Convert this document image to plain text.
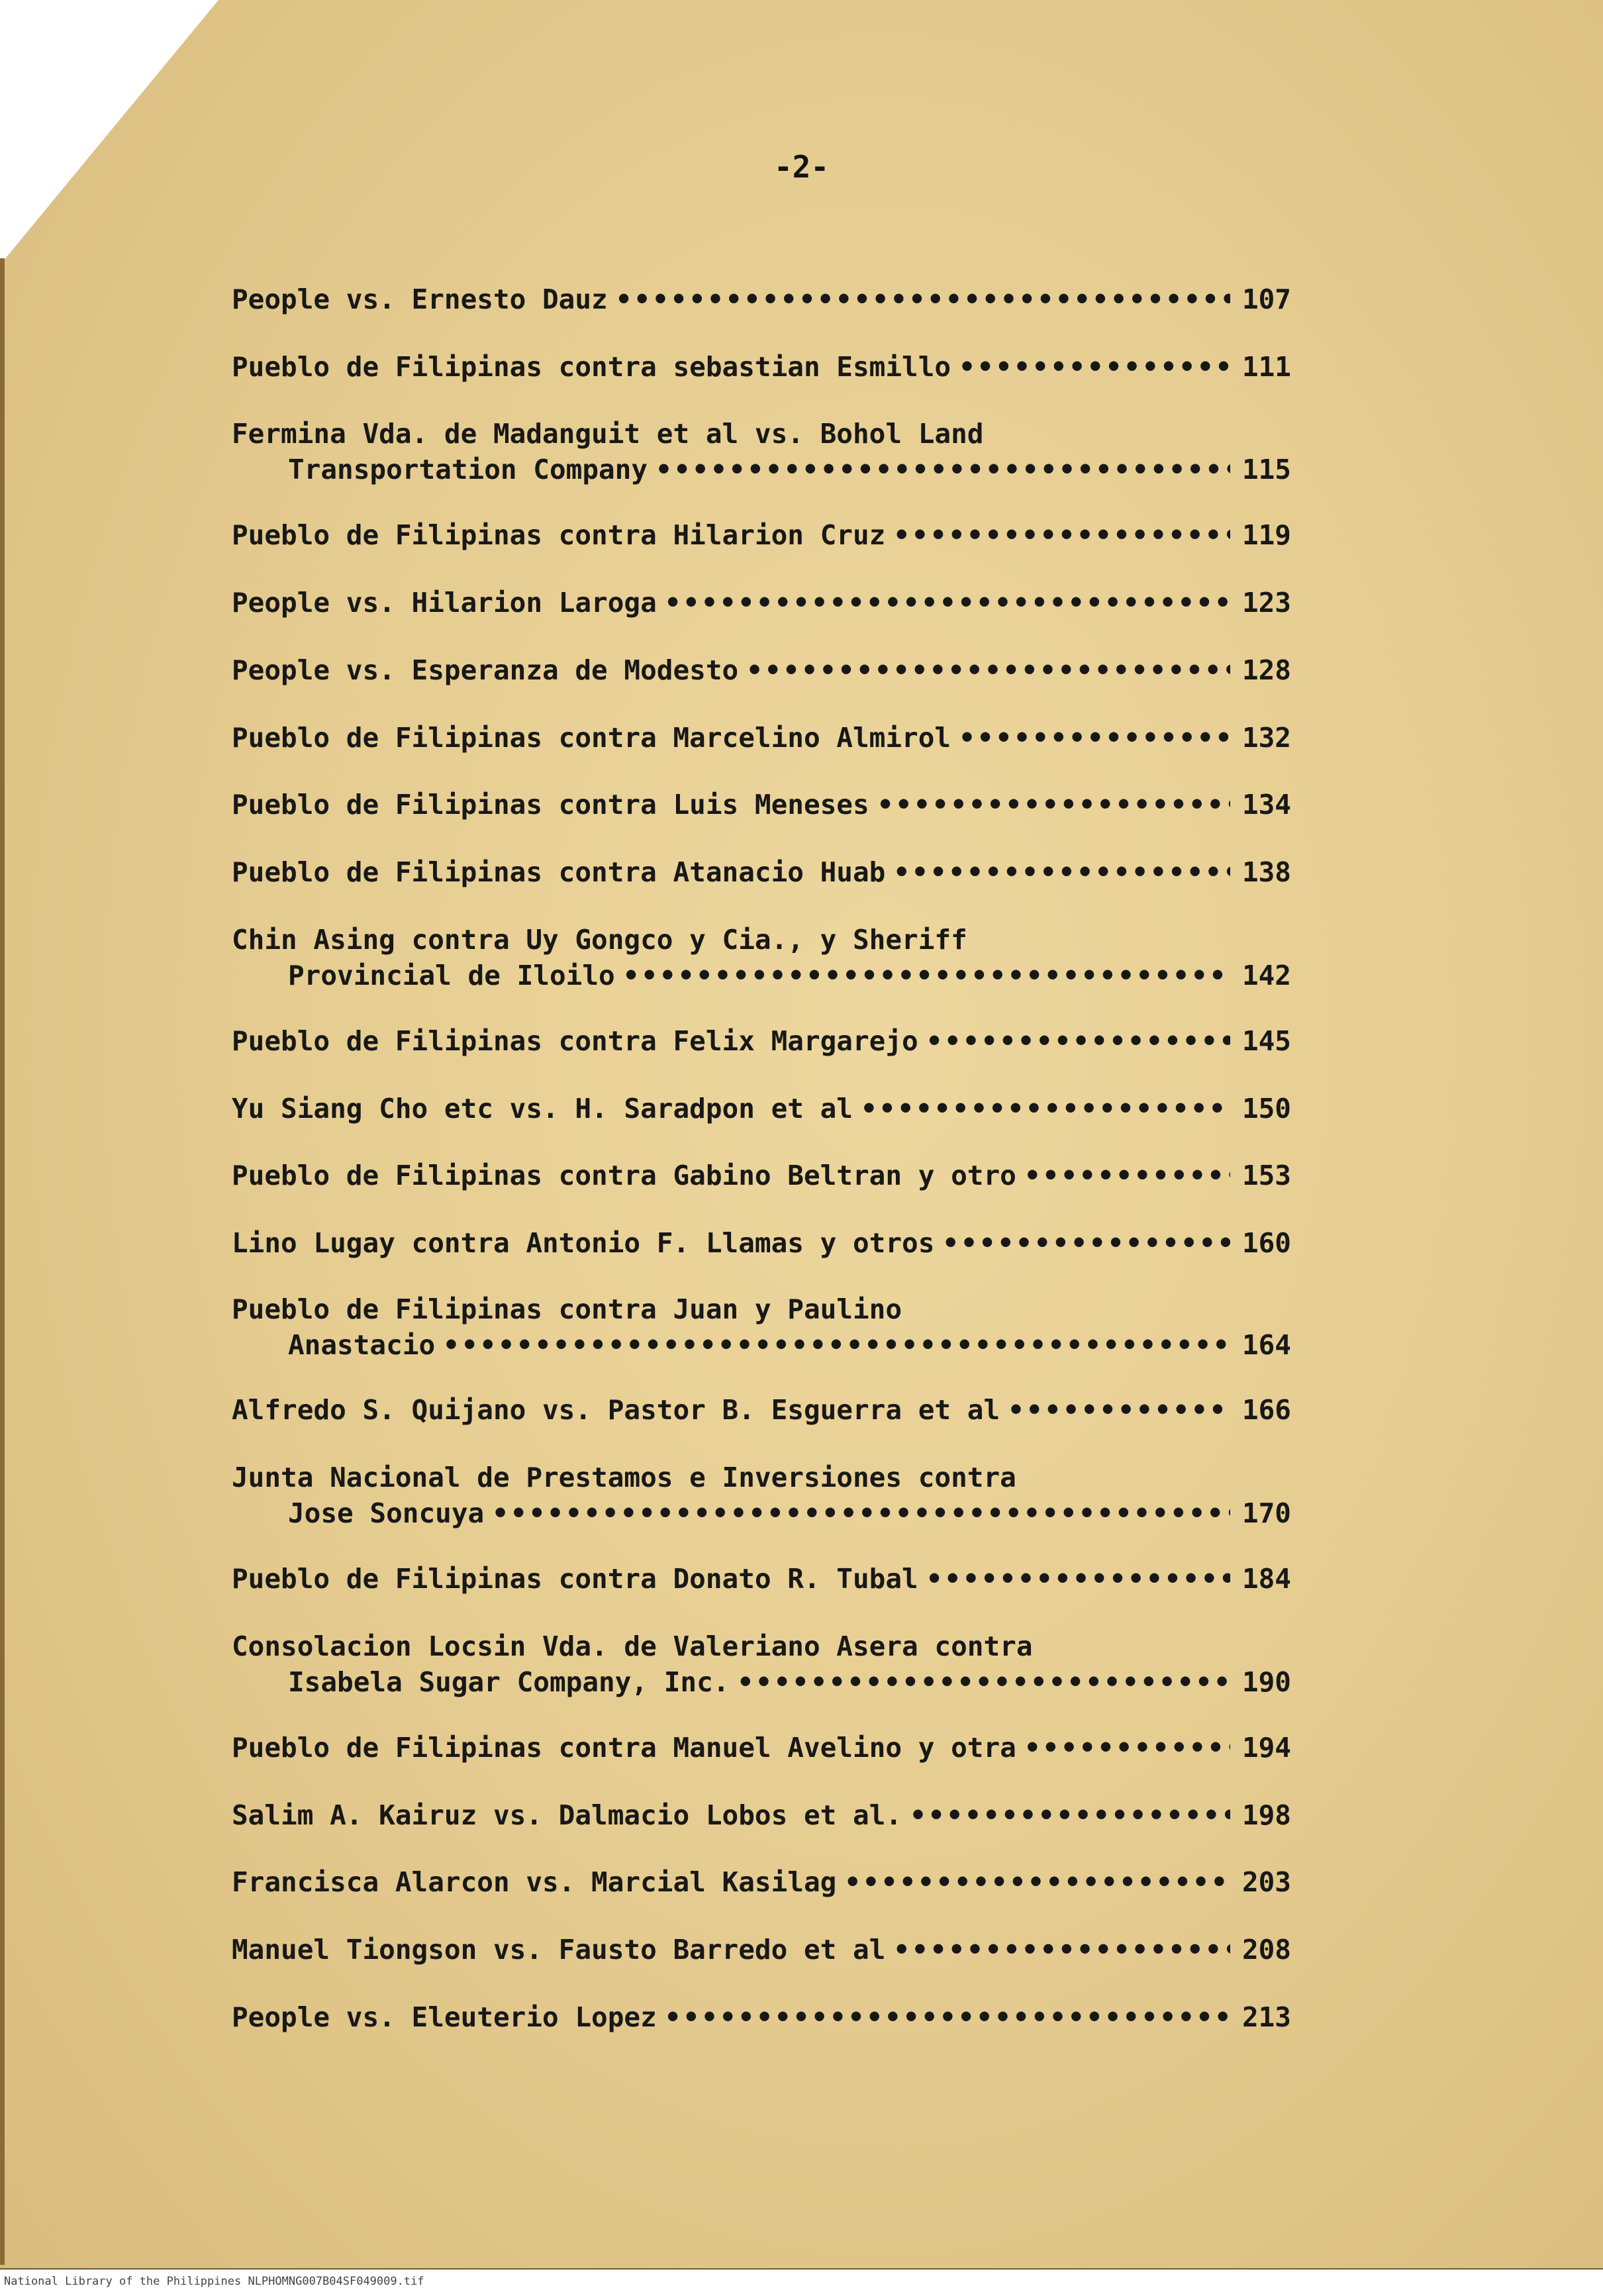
-2-
People vs. Ernesto Dauz •••••	107
Pueblo de Filipinas contra sebastian Esmillo •••••	111
Fermina Vda. de Madanguit et al vs. Bohol Land
Transportation Company •••••	115
Pueblo de Filipinas contra Hilarion Cruz •••••	119
People vs. Hilarion Laroga •••••	123
People vs. Esperanza de Modesto •••••	128
Pueblo de Filipinas contra Marcelino Almirol •••••	132
Pueblo de Filipinas contra Luis Meneses •••••	134
Pueblo de Filipinas contra Atanacio Huab •••••	138
Chin Asing contra Uy Gongco y Cia., y Sheriff
Provincial de Iloilo •••••	142
Pueblo de Filipinas contra Felix Margarejo •••••	145
Yu Siang Cho etc vs. H. Saradpon et al •••••	150
Pueblo de Filipinas contra Gabino Beltran y otro •••••	153
Lino Lugay contra Antonio F. Llamas y otros •••••	160
Pueblo de Filipinas contra Juan y Paulino
Anastacio •••••	164
Alfredo S. Quijano vs. Pastor B. Esguerra et al •••••	166
Junta Nacional de Prestamos e Inversiones contra
Jose Soncuya •••••	170
Pueblo de Filipinas contra Donato R. Tubal •••••	184
Consolacion Locsin Vda. de Valeriano Asera contra
Isabela Sugar Company, Inc. •••••	190
Pueblo de Filipinas contra Manuel Avelino y otra •••••	194
Salim A. Kairuz vs. Dalmacio Lobos et al. •••••	198
Francisca Alarcon vs. Marcial Kasilag •••••	203
Manuel Tiongson vs. Fausto Barredo et al •••••	208
People vs. Eleuterio Lopez •••••	213
National Library of the Philippines NLPHOMNG007B04SF049009.tif
